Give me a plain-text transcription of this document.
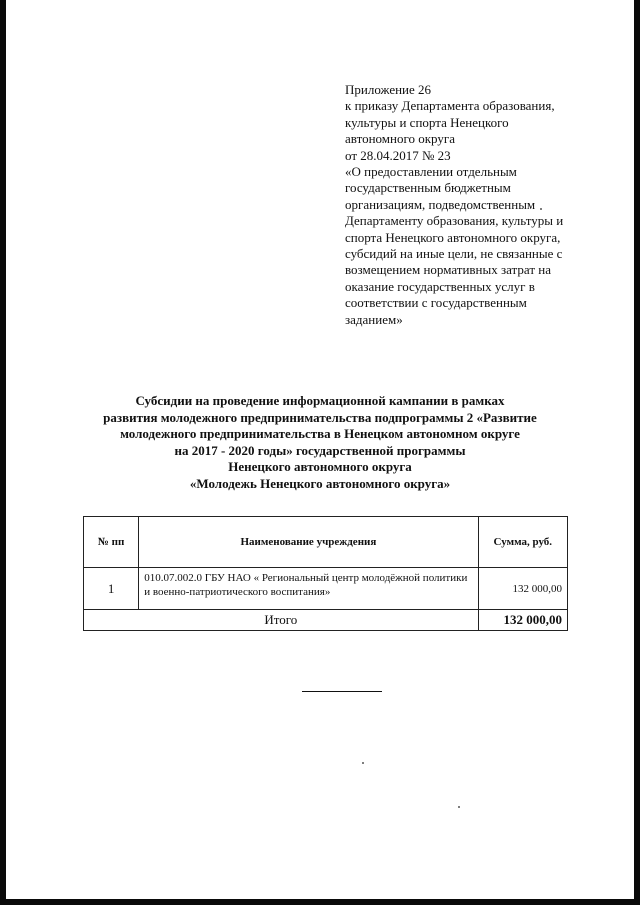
Приложение 26
к приказу Департамента образования,
культуры и спорта Ненецкого
автономного округа
от 28.04.2017 № 23
«О предоставлении отдельным
государственным бюджетным
организациям, подведомственным
Департаменту образования, культуры и
спорта Ненецкого автономного округа,
субсидий на иные цели, не связанные с
возмещением нормативных затрат на
оказание государственных услуг в
соответствии с государственным
заданием»
Субсидии на проведение информационной кампании в рамках
развития молодежного предпринимательства подпрограммы 2 «Развитие
молодежного предпринимательства в Ненецком автономном округе
на 2017 - 2020 годы» государственной программы
Ненецкого автономного округа
«Молодежь Ненецкого автономного округа»
№ пп	Наименование учреждения	Сумма, руб.
1	010.07.002.0 ГБУ НАО « Региональный центр молодёжной политики и военно-патриотического воспитания»	132 000,00
Итого		132 000,00
